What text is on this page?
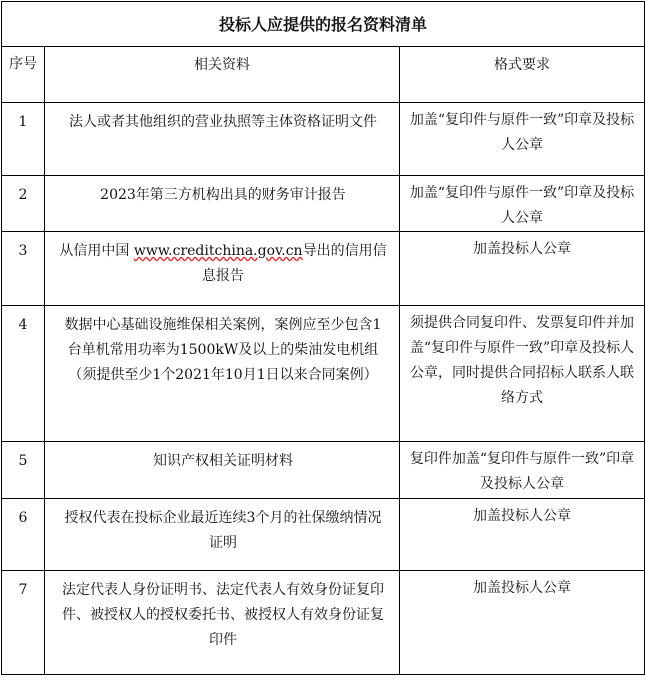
投标人应提供的报名资料清单		
序号	相关资料	格式要求
1	法人或者其他组织的营业执照等主体资格证明文件	加盖“复印件与原件一致”印章及投标人公章
2	2023年第三方机构出具的财务审计报告	加盖“复印件与原件一致”印章及投标人公章
3	从信用中国 www.creditchina.gov.cn导出的信用信息报告	加盖投标人公章
4	数据中心基础设施维保相关案例，案例应至少包含1台单机常用功率为1500kW及以上的柴油发电机组（须提供至少1个2021年10月1日以来合同案例）	须提供合同复印件、发票复印件并加盖“复印件与原件一致”印章及投标人公章，同时提供合同招标人联系人联络方式
5	知识产权相关证明材料	复印件加盖“复印件与原件一致”印章及投标人公章
6	授权代表在投标企业最近连续3个月的社保缴纳情况证明	加盖投标人公章
7	法定代表人身份证明书、法定代表人有效身份证复印件、被授权人的授权委托书、被授权人有效身份证复印件	加盖投标人公章
